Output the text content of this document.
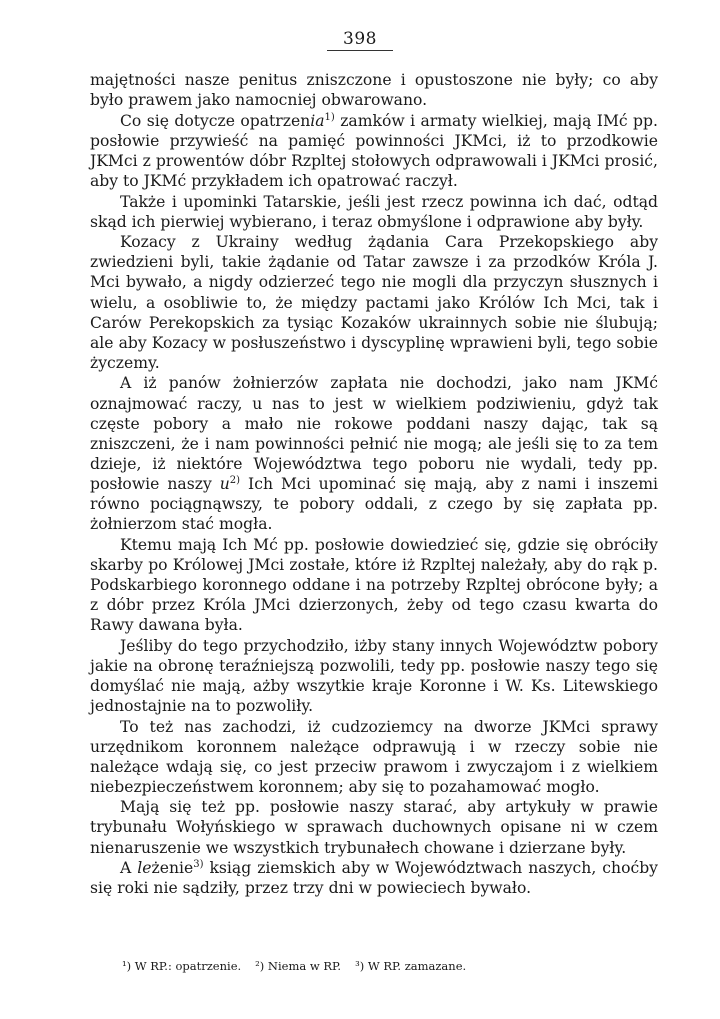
398

majętności nasze penitus zniszczone i opustoszone nie były; co aby było prawem jako namocniej obwarowano.

Co się dotycze opatrzenia$^{1)}$ zamków i armaty wielkiej, mają IMć pp. posłowie przywieść na pamięć powinności JKMci, iż to przodkowie JKMci z prowentów dóbr Rzpltej stołowych odprawowali i JKMci prosić, aby to JKMć przykładem ich opatrować raczył.

Także i upominki Tatarskie, jeśli jest rzecz powinna ich dać, odtąd skąd ich pierwiej wybierano, i teraz obmyślone i odprawione aby były.

Kozacy z Ukrainy według żądania Cara Przekopskiego aby zwiedzieni byli, takie żądanie od Tatar zawsze i za przodków Króla J. Mci bywało, a nigdy odzierzeć tego nie mogli dla przyczyn słusznych i wielu, a osobliwie to, że między pactami jako Królów Ich Mci, tak i Carów Perekopskich za tysiąc Kozaków ukrainnych sobie nie ślubują; ale aby Kozacy w posłuszeństwo i dyscyplinę wprawieni byli, tego sobie życzemy.

A iż panów żołnierzów zapłata nie dochodzi, jako nam JKMć oznajmować raczy, u nas to jest w wielkiem podziwieniu, gdyż tak częste pobory a mało nie rokowe poddani naszy dając, tak są zniszczeni, że i nam powinności pełnić nie mogą; ale jeśli się to za tem dzieje, iż niektóre Województwa tego poboru nie wydali, tedy pp. posłowie naszy $u^{2)}$ Ich Mci upominać się mają, aby z nami i inszemi równo pociągnąwszy, te pobory oddali, z czego by się zapłata pp. żołnierzom stać mogła.

Ktemu mają Ich Mć pp. posłowie dowiedzieć się, gdzie się obróciły skarby po Królowej JMci zostałe, które iż Rzpltej należały, aby do rąk p. Podskarbiego koronnego oddane i na potrzeby Rzpltej obrócone były; a z dóbr przez Króla JMci dzierzonych, żeby od tego czasu kwarta do Rawy dawana była.

Jeśliby do tego przychodziło, iżby stany innych Województw pobory jakie na obronę teraźniejszą pozwolili, tedy pp. posłowie naszy tego się domyślać nie mają, ażby wszytkie kraje Koronne i W. Ks. Litewskiego jednostajnie na to pozwoliły.

To też nas zachodzi, iż cudzoziemcy na dworze JKMci sprawy urzędnikom koronnem należące odprawują i w rzeczy sobie nie należące wdają się, co jest przeciw prawom i zwyczajom i z wielkiem niebezpieczeństwem koronnem; aby się to pozahamować mogło.

Mają się też pp. posłowie naszy starać, aby artykuły w prawie trybunału Wołyńskiego w sprawach duchownych opisane ni w czem nienaruszenie we wszystkich trybunałech chowane i dzierzane były.

A leżenie$^{3)}$ ksiąg ziemskich aby w Województwach naszych, choćby się roki nie sądziły, przez trzy dni w powieciech bywało.

¹) W RP.: opatrzenie. ²) Niema w RP. ³) W RP. zamazane.
